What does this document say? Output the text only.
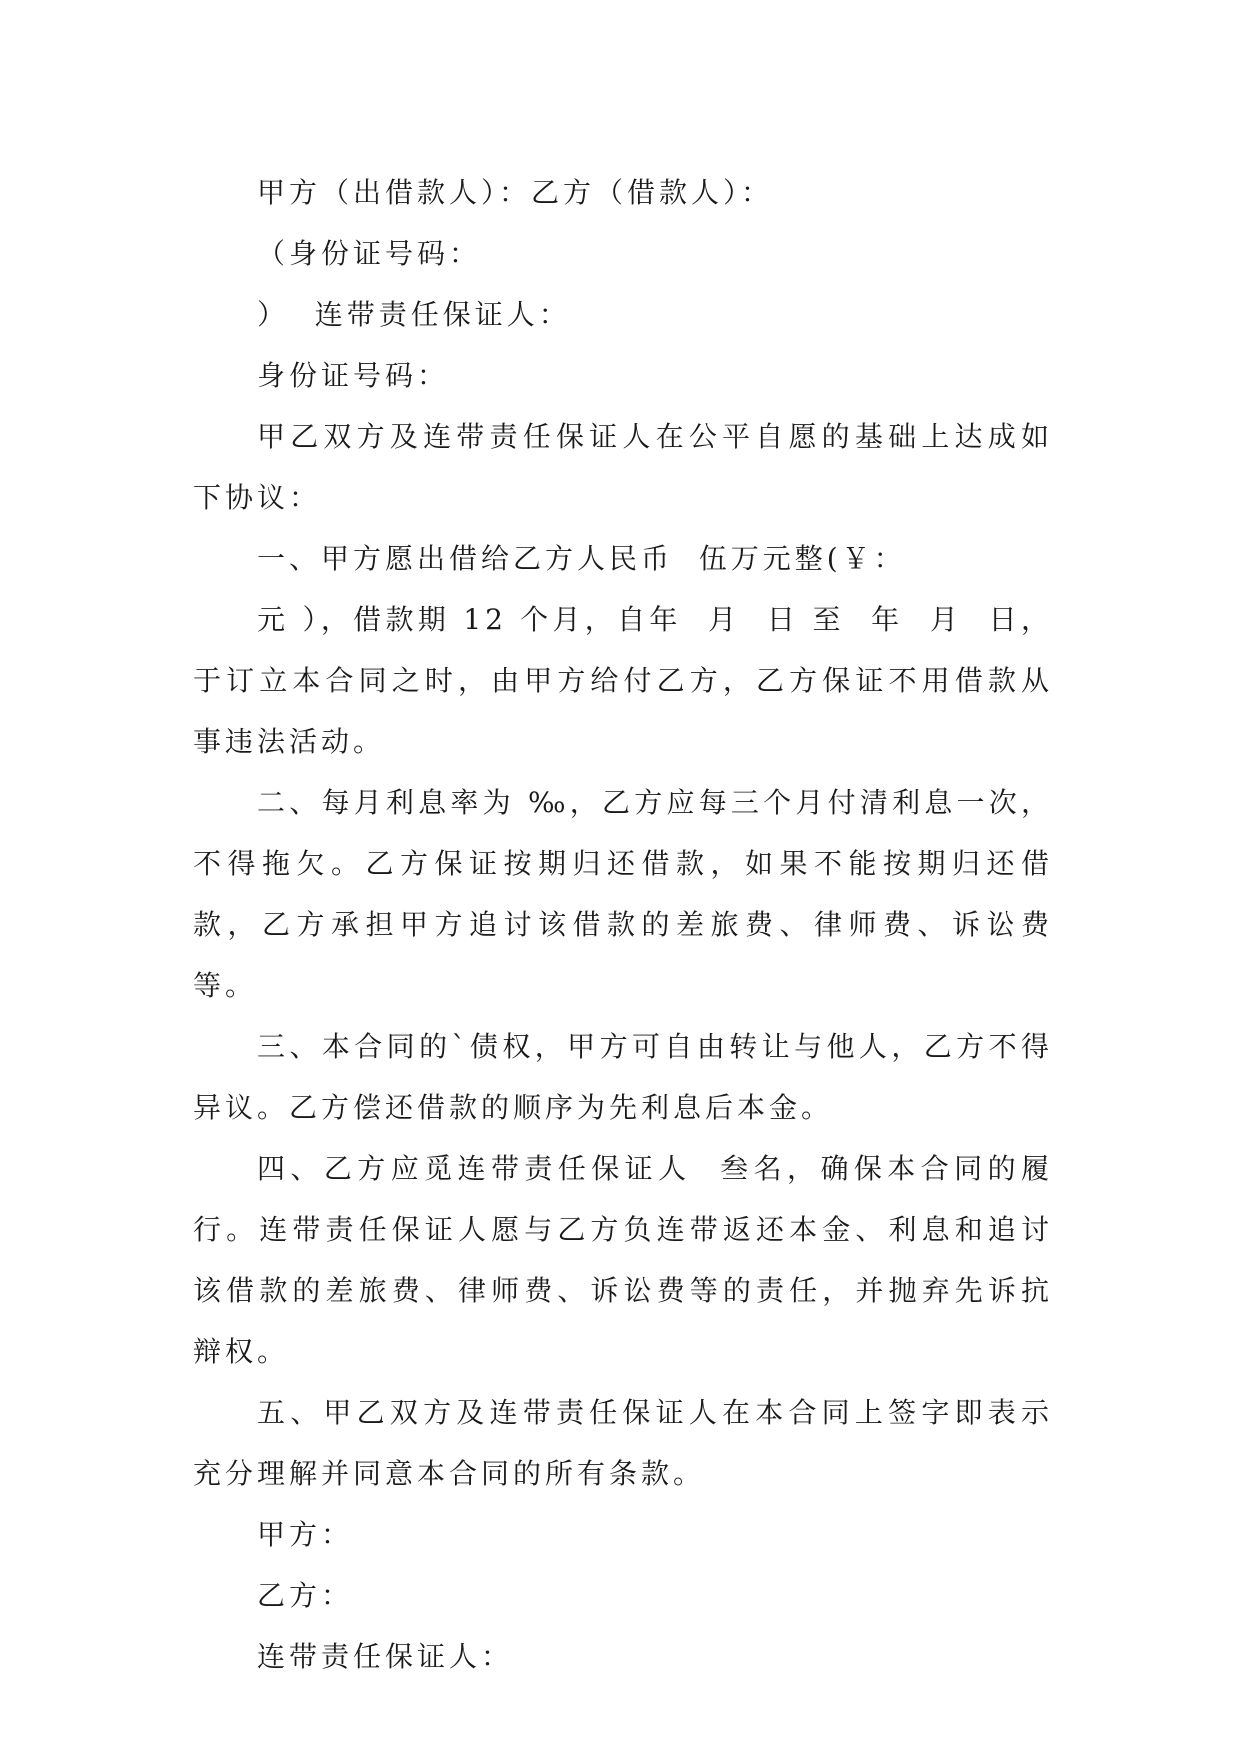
甲方（出借款人）：乙方（借款人）：

（身份证号码：

）  连带责任保证人：

身份证号码：

甲乙双方及连带责任保证人在公平自愿的基础上达成如下协议：

一、甲方愿出借给乙方人民币  伍万元整(￥：

元 ），借款期 12 个月，自年  月  日 至  年  月  日，于订立本合同之时，由甲方给付乙方，乙方保证不用借款从事违法活动。

二、每月利息率为 ‰，乙方应每三个月付清利息一次，不得拖欠。乙方保证按期归还借款，如果不能按期归还借款，乙方承担甲方追讨该借款的差旅费、律师费、诉讼费等。

三、本合同的`债权，甲方可自由转让与他人，乙方不得异议。乙方偿还借款的顺序为先利息后本金。

四、乙方应觅连带责任保证人  叁名，确保本合同的履行。连带责任保证人愿与乙方负连带返还本金、利息和追讨该借款的差旅费、律师费、诉讼费等的责任，并抛弃先诉抗辩权。

五、甲乙双方及连带责任保证人在本合同上签字即表示充分理解并同意本合同的所有条款。

甲方：

乙方：

连带责任保证人：
